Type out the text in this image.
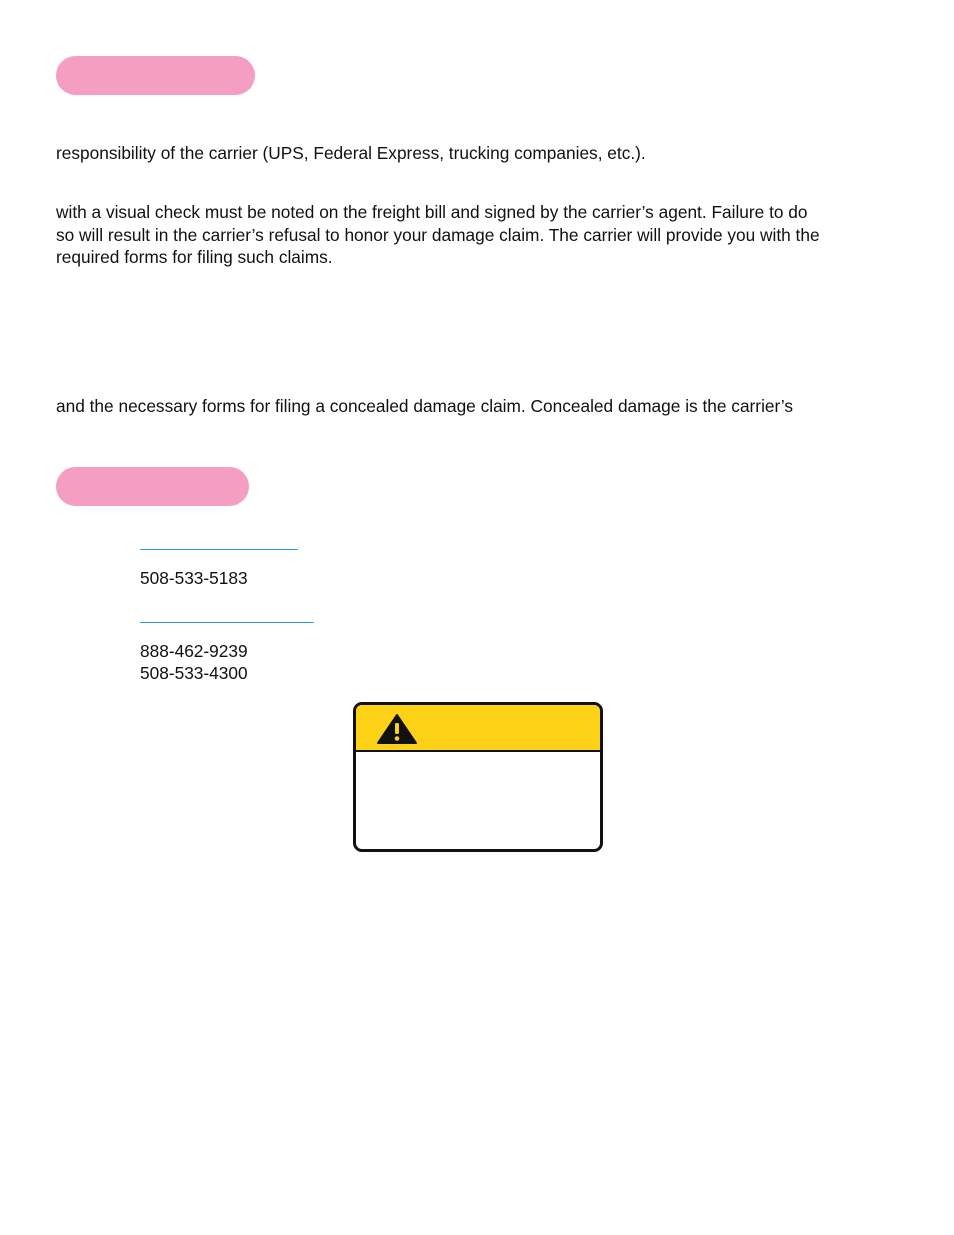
responsibility of the carrier (UPS, Federal Express, trucking companies, etc.).

with a visual check must be noted on the freight bill and signed by the carrier’s agent. Failure to do
so will result in the carrier’s refusal to honor your damage claim. The carrier will provide you with the
required forms for filing such claims.

and the necessary forms for filing a concealed damage claim. Concealed damage is the carrier’s

508-533-5183
888-462-9239
508-533-4300
